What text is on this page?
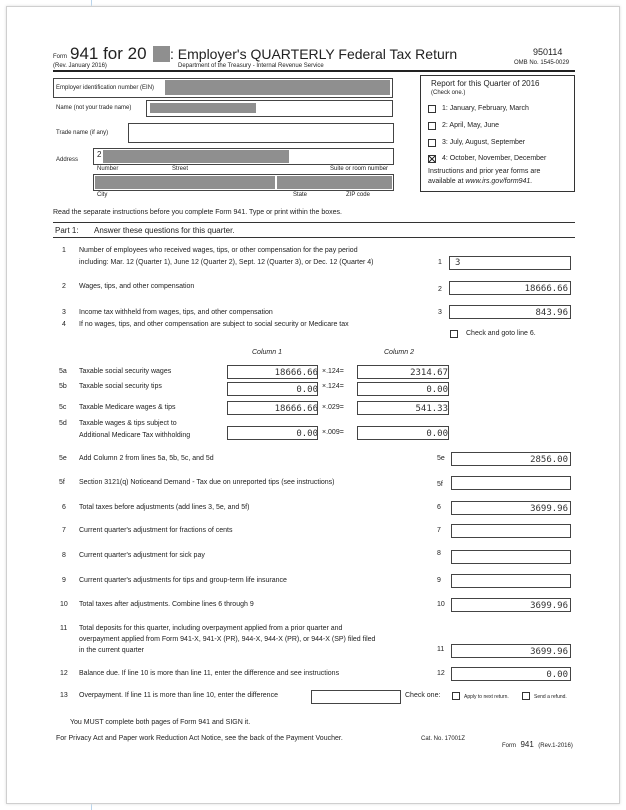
Form 941 for 20 : Employer's QUARTERLY Federal Tax Return
(Rev. January 2016)	Department of the Treasury - Internal Revenue Service
950114
OMB No. 1545-0029
Employer identification number (EIN)
Name (not your trade name)
Trade name (if any)
Address
2
Number	Street	Suite or room number
City	State	ZIP code
Report for this Quarter of 2016
(Check one.)
1: January, February, March
2: April, May, June
3: July, August, September
4: October, November, December
Instructions and prior year forms are
available at www.irs.gov/form941.
Read the separate instructions before you complete Form 941. Type or print within the boxes.
Part 1: Answer these questions for this quarter.
1 Number of employees who received wages, tips, or other compensation for the pay period
including: Mar. 12 (Quarter 1), June 12 (Quarter 2), Sept. 12 (Quarter 3), or Dec. 12 (Quarter 4)	1 3
2 Wages, tips, and other compensation	2	18666.66
3 Income tax withheld from wages, tips, and other compensation	3	843.96
4 If no wages, tips, and other compensation are subject to social security or Medicare tax
Check and goto line 6.
Column 1	Column 2
5a Taxable social security wages	18666.66 ×.124=	2314.67
5b Taxable social security tips	0.00 ×.124=	0.00
5c Taxable Medicare wages & tips	18666.66 ×.029=	541.33
5d Taxable wages & tips subject to
Additional Medicare Tax withholding	0.00 ×.009=	0.00
5e Add Column 2 from lines 5a, 5b, 5c, and 5d	5e	2856.00
5f Section 3121(q) Noticeand Demand - Tax due on unreported tips (see instructions)	5f
6 Total taxes before adjustments (add lines 3, 5e, and 5f)	6	3699.96
7 Current quarter's adjustment for fractions of cents	7
8 Current quarter's adjustment for sick pay	8
9 Current quarter's adjustments for tips and group-term life insurance	9
10 Total taxes after adjustments. Combine lines 6 through 9	10	3699.96
11 Total deposits for this quarter, including overpayment applied from a prior quarter and
overpayment applied from Form 941-X, 941-X (PR), 944-X, 944-X (PR), or 944-X (SP) filed filed
in the current quarter	11	3699.96
12 Balance due. If line 10 is more than line 11, enter the difference and see instructions	12	0.00
13 Overpayment. If line 11 is more than line 10, enter the difference	Check one:	Apply to next return.	Send a refund.
You MUST complete both pages of Form 941 and SIGN it.
For Privacy Act and Paper work Reduction Act Notice, see the back of the Payment Voucher.	Cat. No. 17001Z
Form 941 (Rev.1-2016)
